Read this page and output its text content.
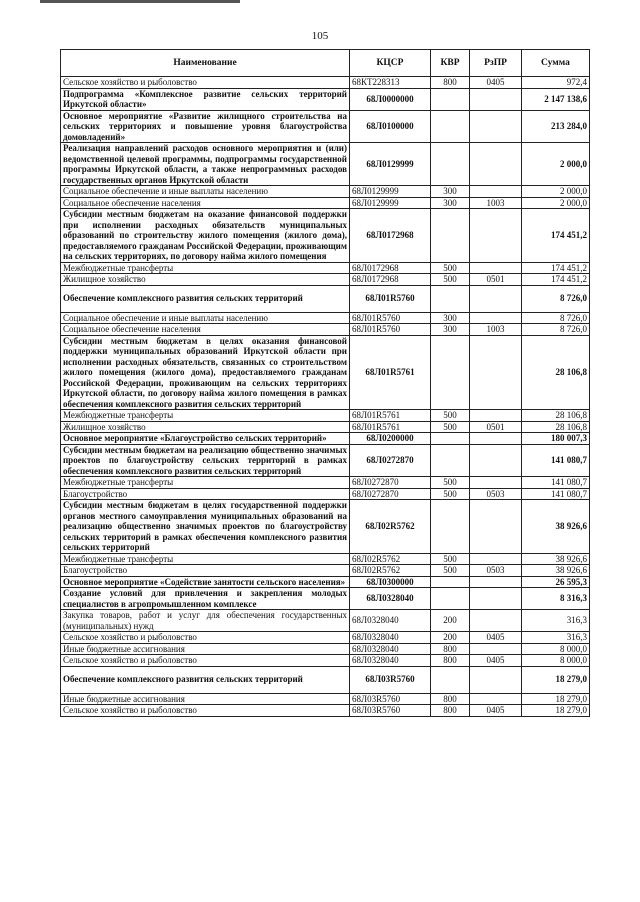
105
Наименование	КЦСР	КВР	РзПР	Сумма
Сельское хозяйство и рыболовство	68КТ228313	800	0405	972,4
Подпрограмма «Комплексное развитие сельских территорий Иркутской области»	68Л0000000			2 147 138,6
Основное мероприятие «Развитие жилищного строительства на сельских территориях и повышение уровня благоустройства домовладений»	68Л0100000			213 284,0
Реализация направлений расходов основного мероприятия и (или) ведомственной целевой программы, подпрограммы государственной программы Иркутской области, а также непрограммных расходов государственных органов Иркутской области	68Л0129999			2 000,0
Социальное обеспечение и иные выплаты населению	68Л0129999	300		2 000,0
Социальное обеспечение населения	68Л0129999	300	1003	2 000,0
Субсидии местным бюджетам на оказание финансовой поддержки при исполнении расходных обязательств муниципальных образований по строительству жилого помещения (жилого дома), предоставляемого гражданам Российской Федерации, проживающим на сельских территориях, по договору найма жилого помещения	68Л0172968			174 451,2
Межбюджетные трансферты	68Л0172968	500		174 451,2
Жилищное хозяйство	68Л0172968	500	0501	174 451,2
Обеспечение комплексного развития сельских территорий	68Л01R5760			8 726,0
Социальное обеспечение и иные выплаты населению	68Л01R5760	300		8 726,0
Социальное обеспечение населения	68Л01R5760	300	1003	8 726,0
Субсидии местным бюджетам в целях оказания финансовой поддержки муниципальных образований Иркутской области при исполнении расходных обязательств, связанных со строительством жилого помещения (жилого дома), предоставляемого гражданам Российской Федерации, проживающим на сельских территориях Иркутской области, по договору найма жилого помещения в рамках обеспечения комплексного развития сельских территорий	68Л01R5761			28 106,8
Межбюджетные трансферты	68Л01R5761	500		28 106,8
Жилищное хозяйство	68Л01R5761	500	0501	28 106,8
Основное мероприятие «Благоустройство сельских территорий»	68Л0200000			180 007,3
Субсидии местным бюджетам на реализацию общественно значимых проектов по благоустройству сельских территорий в рамках обеспечения комплексного развития сельских территорий	68Л0272870			141 080,7
Межбюджетные трансферты	68Л0272870	500		141 080,7
Благоустройство	68Л0272870	500	0503	141 080,7
Субсидии местным бюджетам в целях государственной поддержки органов местного самоуправления муниципальных образований на реализацию общественно значимых проектов по благоустройству сельских территорий в рамках обеспечения комплексного развития сельских территорий	68Л02R5762			38 926,6
Межбюджетные трансферты	68Л02R5762	500		38 926,6
Благоустройство	68Л02R5762	500	0503	38 926,6
Основное мероприятие «Содействие занятости сельского населения»	68Л0300000			26 595,3
Создание условий для привлечения и закрепления молодых специалистов в агропромышленном комплексе	68Л0328040			8 316,3
Закупка товаров, работ и услуг для обеспечения государственных (муниципальных) нужд	68Л0328040	200		316,3
Сельское хозяйство и рыболовство	68Л0328040	200	0405	316,3
Иные бюджетные ассигнования	68Л0328040	800		8 000,0
Сельское хозяйство и рыболовство	68Л0328040	800	0405	8 000,0
Обеспечение комплексного развития сельских территорий	68Л03R5760			18 279,0
Иные бюджетные ассигнования	68Л03R5760	800		18 279,0
Сельское хозяйство и рыболовство	68Л03R5760	800	0405	18 279,0
